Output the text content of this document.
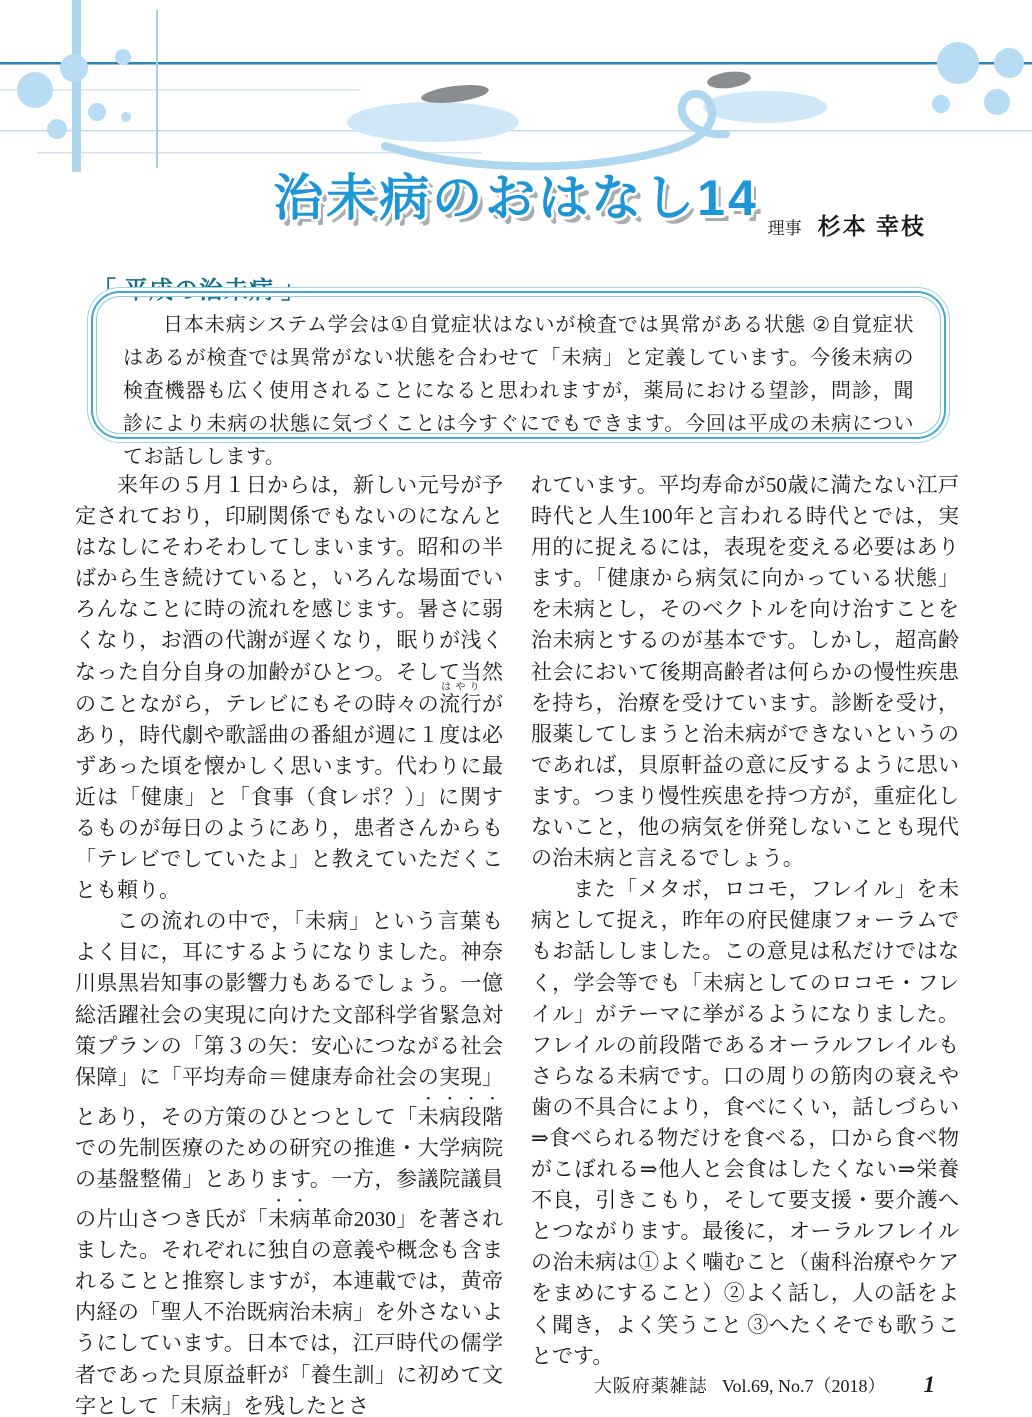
治未病のおはなし14
理事 杉本 幸枝
「 平成の治未病 」

日本未病システム学会は①自覚症状はないが検査では異常がある状態 ②自覚症状はあるが検査では異常がない状態を合わせて「未病」と定義しています。今後未病の検査機器も広く使用されることになると思われますが，薬局における望診，問診，聞診により未病の状態に気づくことは今すぐにでもできます。今回は平成の未病についてお話しします。

来年の５月１日からは，新しい元号が予定されており，印刷関係でもないのになんとはなしにそわそわしてしまいます。昭和の半ばから生き続けていると，いろんな場面でいろんなことに時の流れを感じます。暑さに弱くなり，お酒の代謝が遅くなり，眠りが浅くなった自分自身の加齢がひとつ。そして当然のことながら，テレビにもその時々の流行はやりがあり，時代劇や歌謡曲の番組が週に１度は必ずあった頃を懐かしく思います。代わりに最近は「健康」と「食事（食レポ？）」に関するものが毎日のようにあり，患者さんからも「テレビでしていたよ」と教えていただくことも頼り。

この流れの中で，「未病」という言葉もよく目に，耳にするようになりました。神奈川県黒岩知事の影響力もあるでしょう。一億総活躍社会の実現に向けた文部科学省緊急対策プランの「第３の矢：安心につながる社会保障」に「平均寿命＝健康寿命社会の実現」とあり，その方策のひとつとして「未病段階での先制医療のための研究の推進・大学病院の基盤整備」とあります。一方，参議院議員の片山さつき氏が「未病革命2030」を著されました。それぞれに独自の意義や概念も含まれることと推察しますが，本連載では，黄帝内経の「聖人不治既病治未病」を外さないようにしています。日本では，江戸時代の儒学者であった貝原益軒が「養生訓」に初めて文字として「未病」を残したとさ

れています。平均寿命が50歳に満たない江戸時代と人生100年と言われる時代とでは，実用的に捉えるには，表現を変える必要はあります。「健康から病気に向かっている状態」を未病とし，そのベクトルを向け治すことを治未病とするのが基本です。しかし，超高齢社会において後期高齢者は何らかの慢性疾患を持ち，治療を受けています。診断を受け，服薬してしまうと治未病ができないというのであれば，貝原軒益の意に反するように思います。つまり慢性疾患を持つ方が，重症化しないこと，他の病気を併発しないことも現代の治未病と言えるでしょう。

また「メタボ，ロコモ，フレイル」を未病として捉え，昨年の府民健康フォーラムでもお話ししました。この意見は私だけではなく，学会等でも「未病としてのロコモ・フレイル」がテーマに挙がるようになりました。フレイルの前段階であるオーラルフレイルもさらなる未病です。口の周りの筋肉の衰えや歯の不具合により，食べにくい，話しづらい⇒食べられる物だけを食べる，口から食べ物がこぼれる⇒他人と会食はしたくない⇒栄養不良，引きこもり，そして要支援・要介護へとつながります。最後に，オーラルフレイルの治未病は①よく噛むこと（歯科治療やケアをまめにすること）②よく話し，人の話をよく聞き，よく笑うこと ③へたくそでも歌うことです。

大阪府薬雑誌 Vol.69, No.7（2018） 1
